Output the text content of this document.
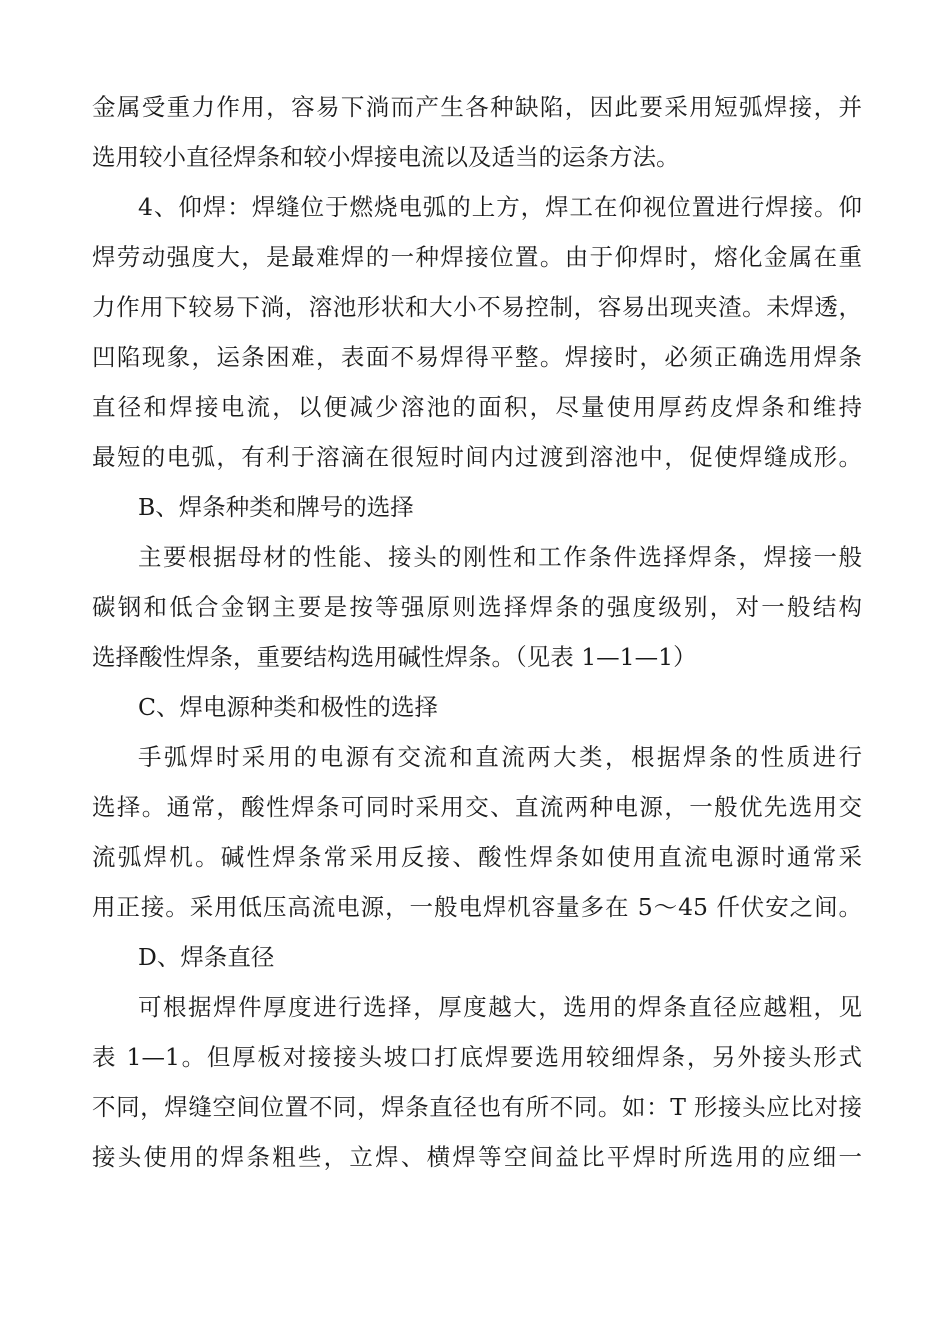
金属受重力作用，容易下淌而产生各种缺陷，因此要采用短弧焊接，并
选用较小直径焊条和较小焊接电流以及适当的运条方法。
4、仰焊：焊缝位于燃烧电弧的上方，焊工在仰视位置进行焊接。仰
焊劳动强度大，是最难焊的一种焊接位置。由于仰焊时，熔化金属在重
力作用下较易下淌，溶池形状和大小不易控制，容易出现夹渣。未焊透，
凹陷现象，运条困难，表面不易焊得平整。焊接时，必须正确选用焊条
直径和焊接电流，以便减少溶池的面积，尽量使用厚药皮焊条和维持
最短的电弧，有利于溶滴在很短时间内过渡到溶池中，促使焊缝成形。
B、焊条种类和牌号的选择
主要根据母材的性能、接头的刚性和工作条件选择焊条，焊接一般
碳钢和低合金钢主要是按等强原则选择焊条的强度级别，对一般结构
选择酸性焊条，重要结构选用碱性焊条。（见表 1—1—1）
C、焊电源种类和极性的选择
手弧焊时采用的电源有交流和直流两大类，根据焊条的性质进行
选择。通常，酸性焊条可同时采用交、直流两种电源，一般优先选用交
流弧焊机。碱性焊条常采用反接、酸性焊条如使用直流电源时通常采
用正接。采用低压高流电源，一般电焊机容量多在 5～45 仟伏安之间。
D、焊条直径
可根据焊件厚度进行选择，厚度越大，选用的焊条直径应越粗，见
表 1—1。但厚板对接接头坡口打底焊要选用较细焊条，另外接头形式
不同，焊缝空间位置不同，焊条直径也有所不同。如：T 形接头应比对接
接头使用的焊条粗些，立焊、横焊等空间益比平焊时所选用的应细一
